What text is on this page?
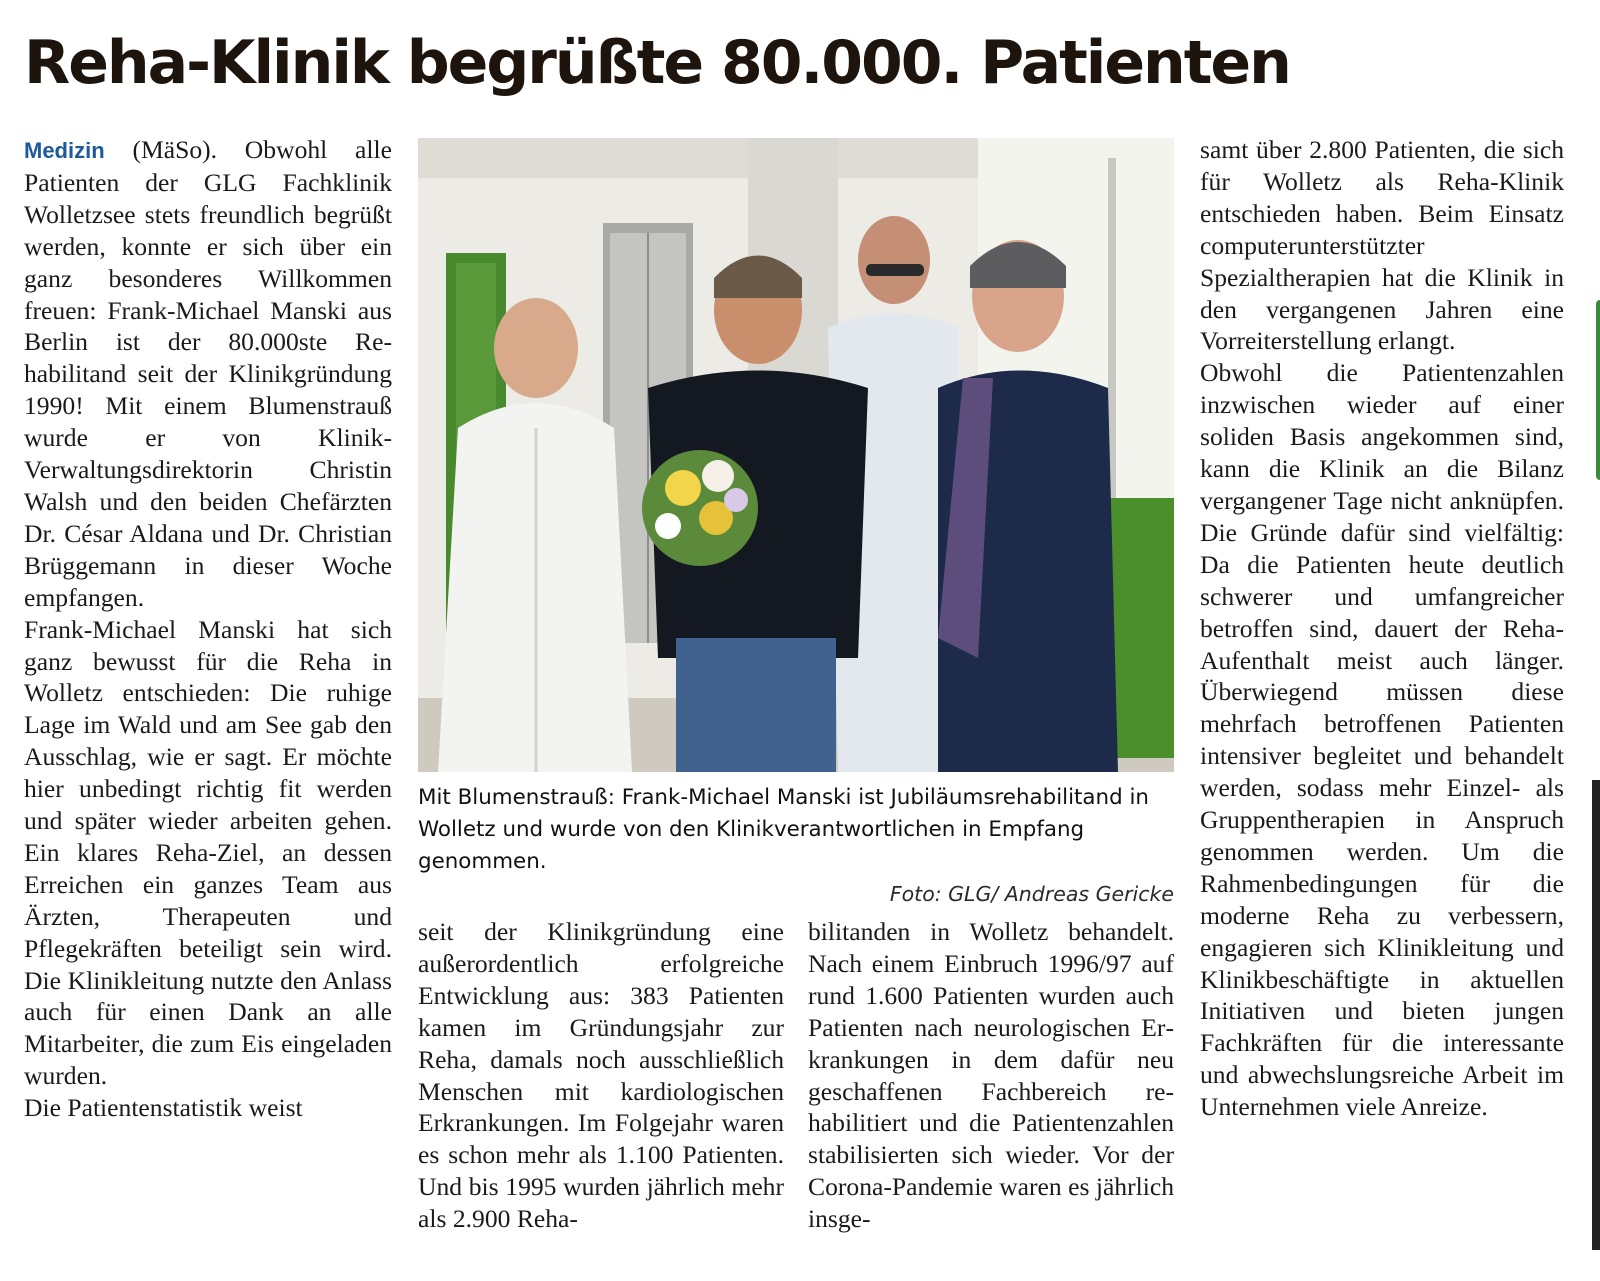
Reha-Klinik begrüßte 80.000. Patienten

Medizin (MäSo). Obwohl alle Patienten der GLG Fachklinik Wolletzsee stets freundlich begrüßt werden, konnte er sich über ein ganz besonderes Willkommen freuen: Frank-Michael Manski aus Berlin ist der 80.000ste Rehabilitand seit der Klinikgründung 1990! Mit einem Blumenstrauß wurde er von Klinik-Verwaltungsdirektorin Christin Walsh und den beiden Chefärzten Dr. César Aldana und Dr. Christian Brüggemann in dieser Woche empfangen.

Frank-Michael Manski hat sich ganz bewusst für die Reha in Wolletz entschieden: Die ruhige Lage im Wald und am See gab den Ausschlag, wie er sagt. Er möchte hier unbedingt richtig fit werden und später wieder arbeiten gehen. Ein klares Reha-Ziel, an dessen Erreichen ein ganzes Team aus Ärzten, Therapeuten und Pflegekräften beteiligt sein wird. Die Klinikleitung nutzte den Anlass auch für einen Dank an alle Mitarbeiter, die zum Eis eingeladen wurden.

Die Patientenstatistik weist

Mit Blumenstrauß: Frank-Michael Manski ist Jubiläumsrehabilitand in Wolletz und wurde von den Klinikverantwortlichen in Empfang genommen.

Foto: GLG/ Andreas Gericke

seit der Klinikgründung eine außerordentlich erfolgreiche Entwicklung aus: 383 Patienten kamen im Gründungsjahr zur Reha, damals noch ausschließlich Menschen mit kardiologischen Erkrankungen. Im Folgejahr waren es schon mehr als 1.100 Patienten. Und bis 1995 wurden jährlich mehr als 2.900 Reha-

bilitanden in Wolletz behandelt. Nach einem Einbruch 1996/97 auf rund 1.600 Patienten wurden auch Patienten nach neurologischen Erkrankungen in dem dafür neu geschaffenen Fachbereich rehabilitiert und die Patientenzahlen stabilisierten sich wieder. Vor der Corona-Pandemie waren es jährlich insge-

samt über 2.800 Patienten, die sich für Wolletz als Reha-Klinik entschieden haben. Beim Einsatz computerunterstützter Spezialtherapien hat die Klinik in den vergangenen Jahren eine Vorreiterstellung erlangt.

Obwohl die Patientenzahlen inzwischen wieder auf einer soliden Basis angekommen sind, kann die Klinik an die Bilanz vergangener Tage nicht anknüpfen. Die Gründe dafür sind vielfältig: Da die Patienten heute deutlich schwerer und umfangreicher betroffen sind, dauert der Reha-Aufenthalt meist auch länger. Überwiegend müssen diese mehrfach betroffenen Patienten intensiver begleitet und behandelt werden, sodass mehr Einzel- als Gruppentherapien in Anspruch genommen werden. Um die Rahmenbedingungen für die moderne Reha zu verbessern, engagieren sich Klinikleitung und Klinikbeschäftigte in aktuellen Initiativen und bieten jungen Fachkräften für die interessante und abwechslungsreiche Arbeit im Unternehmen viele Anreize.
